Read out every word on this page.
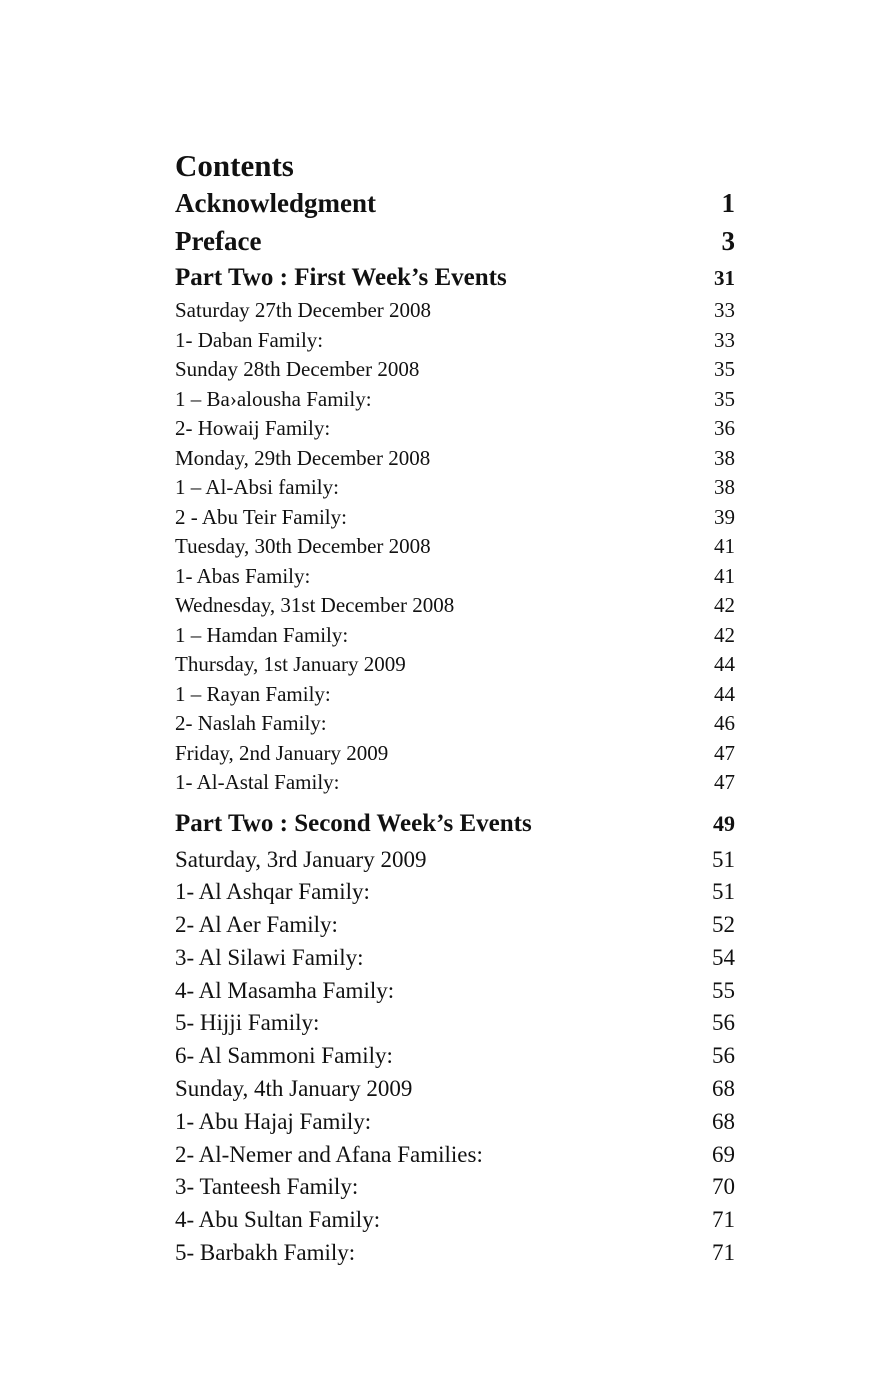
Contents
Acknowledgment	1
Preface	3
Part Two : First Week’s Events	31
Saturday 27th December 2008	33
1- Daban Family:	33
Sunday 28th December 2008	35
1 – Ba›alousha Family:	35
2- Howaij Family:	36
Monday, 29th December 2008	38
1 – Al-Absi family:	38
2 - Abu Teir Family:	39
Tuesday, 30th December 2008	41
1- Abas Family:	41
Wednesday, 31st December 2008	42
1 – Hamdan Family:	42
Thursday, 1st January 2009	44
1 – Rayan Family:	44
2- Naslah Family:	46
Friday, 2nd January 2009	47
1- Al-Astal Family:	47
Part Two : Second Week’s Events	49
Saturday, 3rd January 2009	51
1- Al Ashqar Family:	51
2- Al Aer Family:	52
3- Al Silawi Family:	54
4- Al Masamha Family:	55
5- Hijji Family:	56
6- Al Sammoni Family:	56
Sunday, 4th January 2009	68
1- Abu Hajaj Family:	68
2- Al-Nemer and Afana Families:	69
3- Tanteesh Family:	70
4- Abu Sultan Family:	71
5- Barbakh Family:	71
